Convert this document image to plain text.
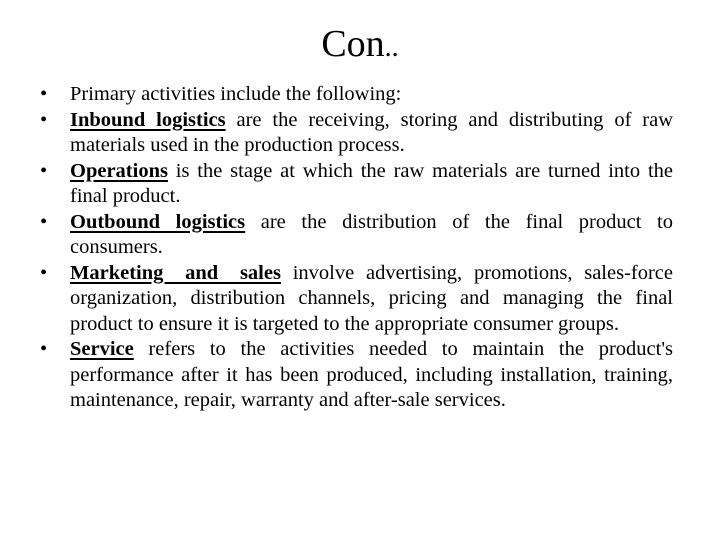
Con..
•	Primary activities include the following:
•	Inbound logistics are the receiving, storing and distributing of raw materials used in the production process.
•	Operations is the stage at which the raw materials are turned into the final product.
•	Outbound logistics are the distribution of the final product to consumers.
•	Marketing and sales involve advertising, promotions, sales-force organization, distribution channels, pricing and managing the final product to ensure it is targeted to the appropriate consumer groups.
•	Service refers to the activities needed to maintain the product's performance after it has been produced, including installation, training, maintenance, repair, warranty and after-sale services.
